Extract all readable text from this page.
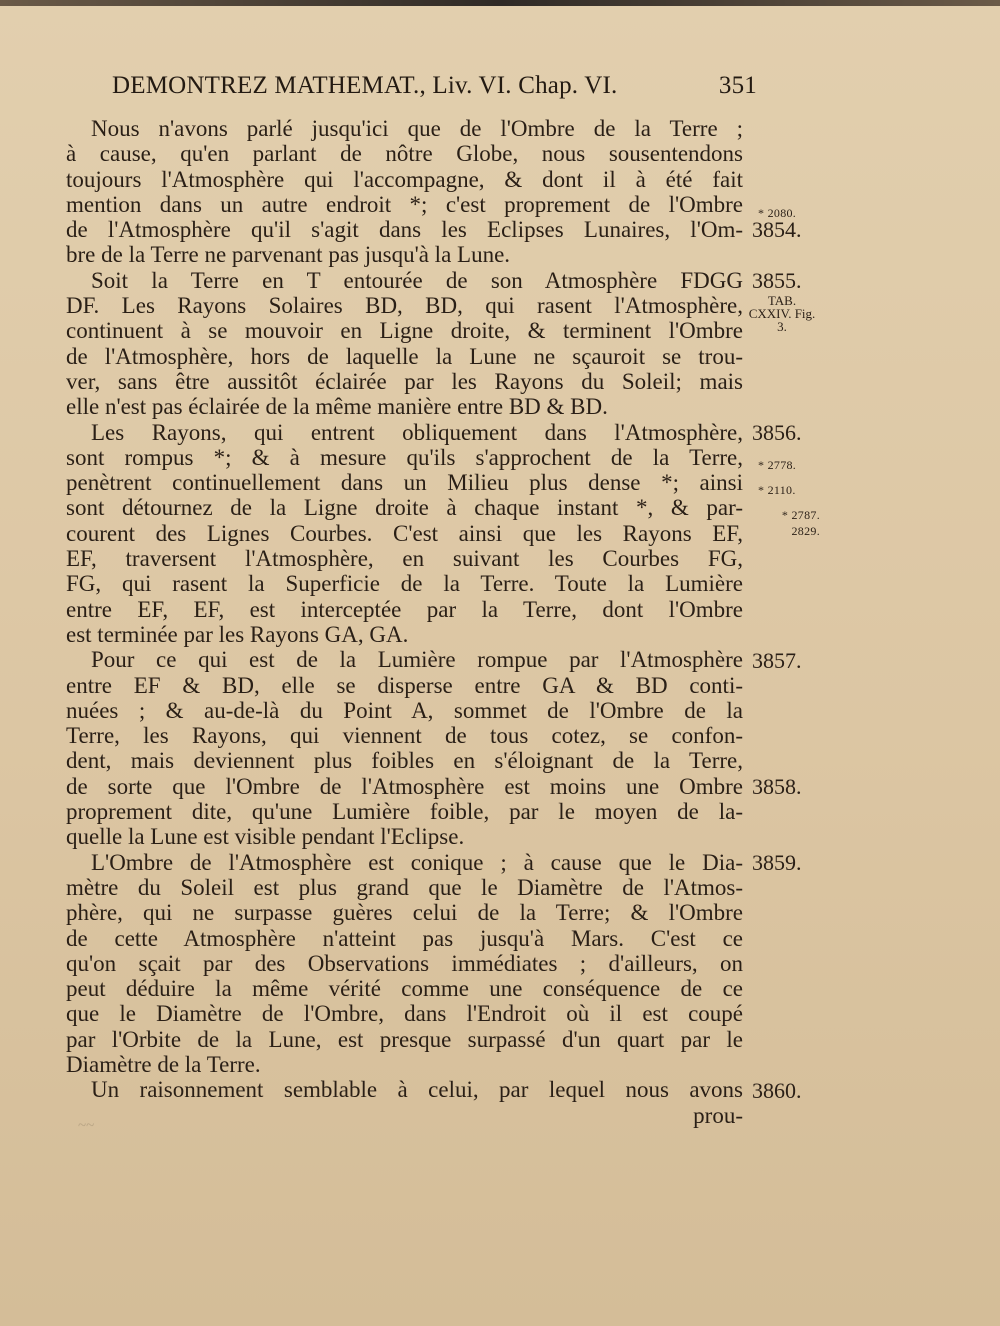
DEMONTREZ MATHEMAT., Liv. VI. Chap. VI.	351
Nous n'avons parlé jusqu'ici que de l'Ombre de la Terre ;
à cause, qu'en parlant de nôtre Globe, nous sousentendons
toujours l'Atmosphère qui l'accompagne, & dont il à été fait
mention dans un autre endroit *; c'est proprement de l'Ombre
de l'Atmosphère qu'il s'agit dans les Eclipses Lunaires, l'Om-
bre de la Terre ne parvenant pas jusqu'à la Lune.
Soit la Terre en T entourée de son Atmosphère FDGG
DF. Les Rayons Solaires BD, BD, qui rasent l'Atmosphère,
continuent à se mouvoir en Ligne droite, & terminent l'Ombre
de l'Atmosphère, hors de laquelle la Lune ne sçauroit se trou-
ver, sans être aussitôt éclairée par les Rayons du Soleil; mais
elle n'est pas éclairée de la même manière entre BD & BD.
Les Rayons, qui entrent obliquement dans l'Atmosphère,
sont rompus *; & à mesure qu'ils s'approchent de la Terre,
penètrent continuellement dans un Milieu plus dense *; ainsi
sont détournez de la Ligne droite à chaque instant *, & par-
courent des Lignes Courbes. C'est ainsi que les Rayons EF,
EF, traversent l'Atmosphère, en suivant les Courbes FG,
FG, qui rasent la Superficie de la Terre. Toute la Lumière
entre EF, EF, est interceptée par la Terre, dont l'Ombre
est terminée par les Rayons GA, GA.
Pour ce qui est de la Lumière rompue par l'Atmosphère
entre EF & BD, elle se disperse entre GA & BD conti-
nuées ; & au-de-là du Point A, sommet de l'Ombre de la
Terre, les Rayons, qui viennent de tous cotez, se confon-
dent, mais deviennent plus foibles en s'éloignant de la Terre,
de sorte que l'Ombre de l'Atmosphère est moins une Ombre
proprement dite, qu'une Lumière foible, par le moyen de la-
quelle la Lune est visible pendant l'Eclipse.
L'Ombre de l'Atmosphère est conique ; à cause que le Dia-
mètre du Soleil est plus grand que le Diamètre de l'Atmos-
phère, qui ne surpasse guères celui de la Terre; & l'Ombre
de cette Atmosphère n'atteint pas jusqu'à Mars. C'est ce
qu'on sçait par des Observations immédiates ; d'ailleurs, on
peut déduire la même vérité comme une conséquence de ce
que le Diamètre de l'Ombre, dans l'Endroit où il est coupé
par l'Orbite de la Lune, est presque surpassé d'un quart par le
Diamètre de la Terre.
Un raisonnement semblable à celui, par lequel nous avons
prou-
* 2080.
3854.
3855.
TAB. CXXIV. Fig. 3.
3856.
* 2778.
* 2110.
* 2787. 2829.
3857.
3858.
3859.
3860.
~~
